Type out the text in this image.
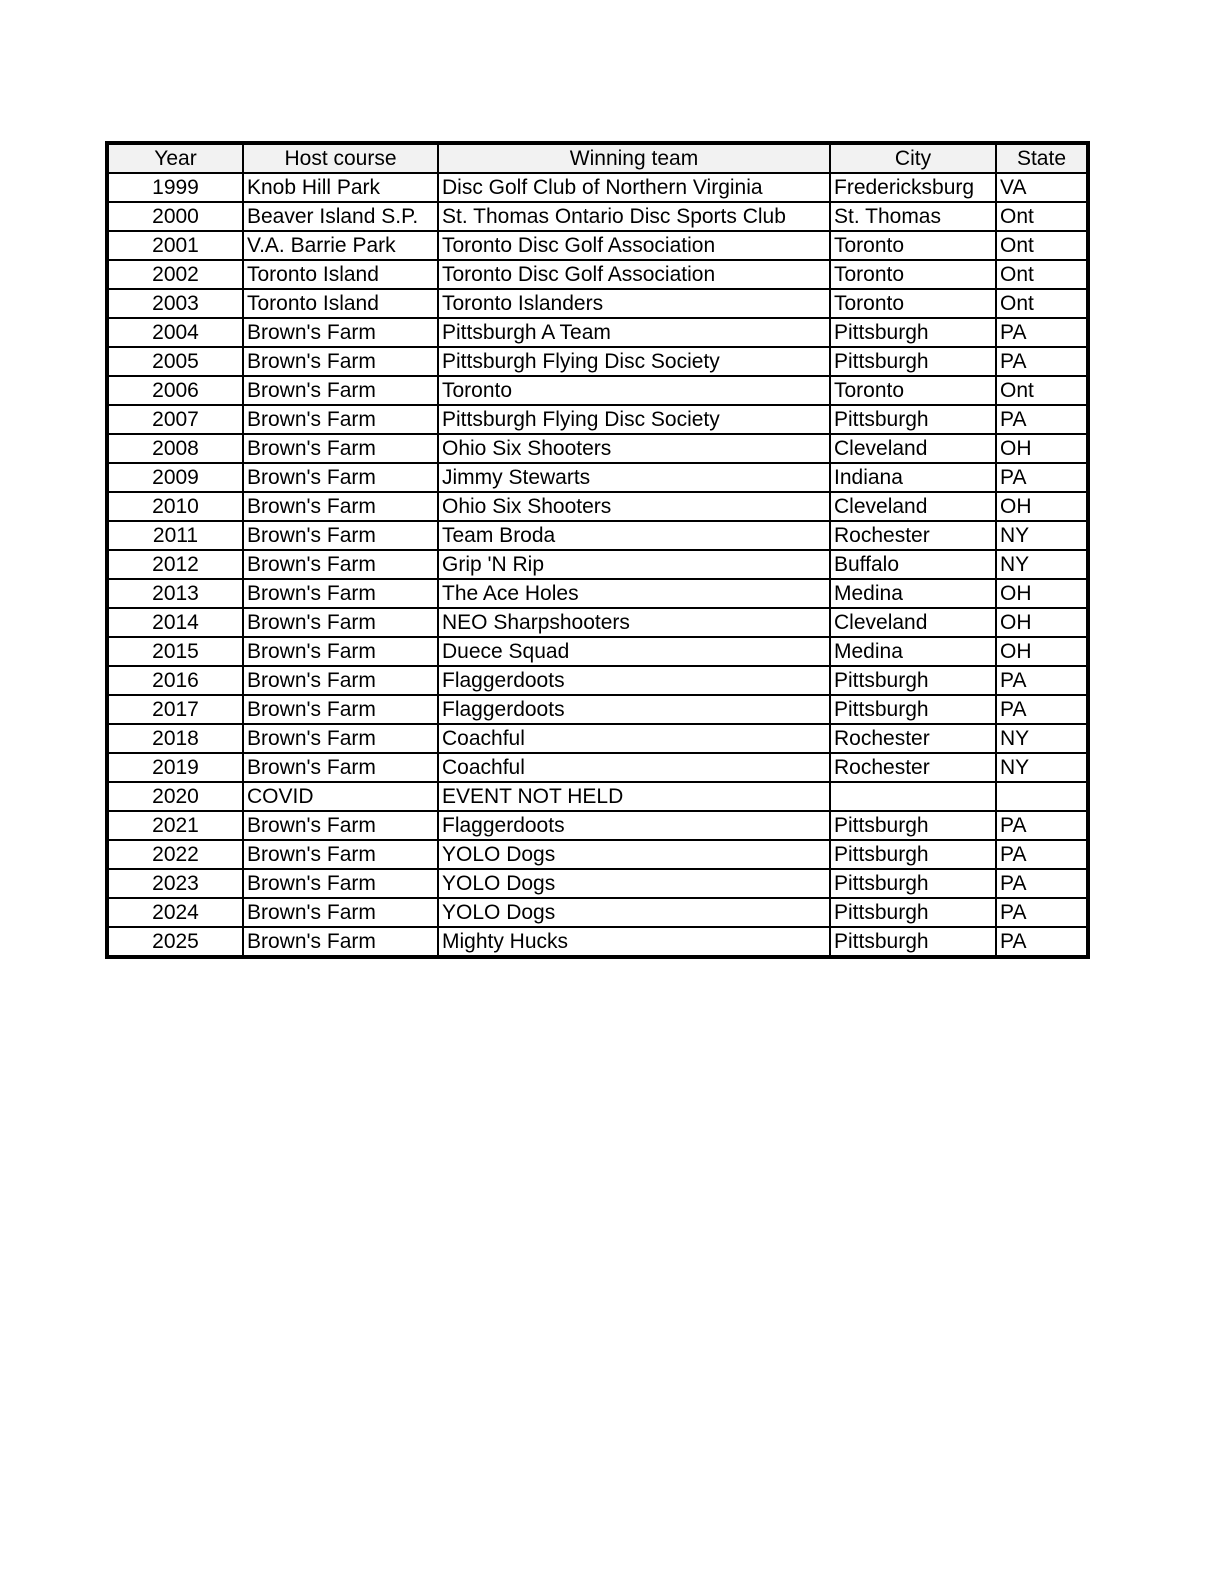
Year	Host course	Winning team	City	State
1999	Knob Hill Park	Disc Golf Club of Northern Virginia	Fredericksburg	VA
2000	Beaver Island S.P.	St. Thomas Ontario Disc Sports Club	St. Thomas	Ont
2001	V.A. Barrie Park	Toronto Disc Golf Association	Toronto	Ont
2002	Toronto Island	Toronto Disc Golf Association	Toronto	Ont
2003	Toronto Island	Toronto Islanders	Toronto	Ont
2004	Brown's Farm	Pittsburgh A Team	Pittsburgh	PA
2005	Brown's Farm	Pittsburgh Flying Disc Society	Pittsburgh	PA
2006	Brown's Farm	Toronto	Toronto	Ont
2007	Brown's Farm	Pittsburgh Flying Disc Society	Pittsburgh	PA
2008	Brown's Farm	Ohio Six Shooters	Cleveland	OH
2009	Brown's Farm	Jimmy Stewarts	Indiana	PA
2010	Brown's Farm	Ohio Six Shooters	Cleveland	OH
2011	Brown's Farm	Team Broda	Rochester	NY
2012	Brown's Farm	Grip 'N Rip	Buffalo	NY
2013	Brown's Farm	The Ace Holes	Medina	OH
2014	Brown's Farm	NEO Sharpshooters	Cleveland	OH
2015	Brown's Farm	Duece Squad	Medina	OH
2016	Brown's Farm	Flaggerdoots	Pittsburgh	PA
2017	Brown's Farm	Flaggerdoots	Pittsburgh	PA
2018	Brown's Farm	Coachful	Rochester	NY
2019	Brown's Farm	Coachful	Rochester	NY
2020	COVID	EVENT NOT HELD		
2021	Brown's Farm	Flaggerdoots	Pittsburgh	PA
2022	Brown's Farm	YOLO Dogs	Pittsburgh	PA
2023	Brown's Farm	YOLO Dogs	Pittsburgh	PA
2024	Brown's Farm	YOLO Dogs	Pittsburgh	PA
2025	Brown's Farm	Mighty Hucks	Pittsburgh	PA
